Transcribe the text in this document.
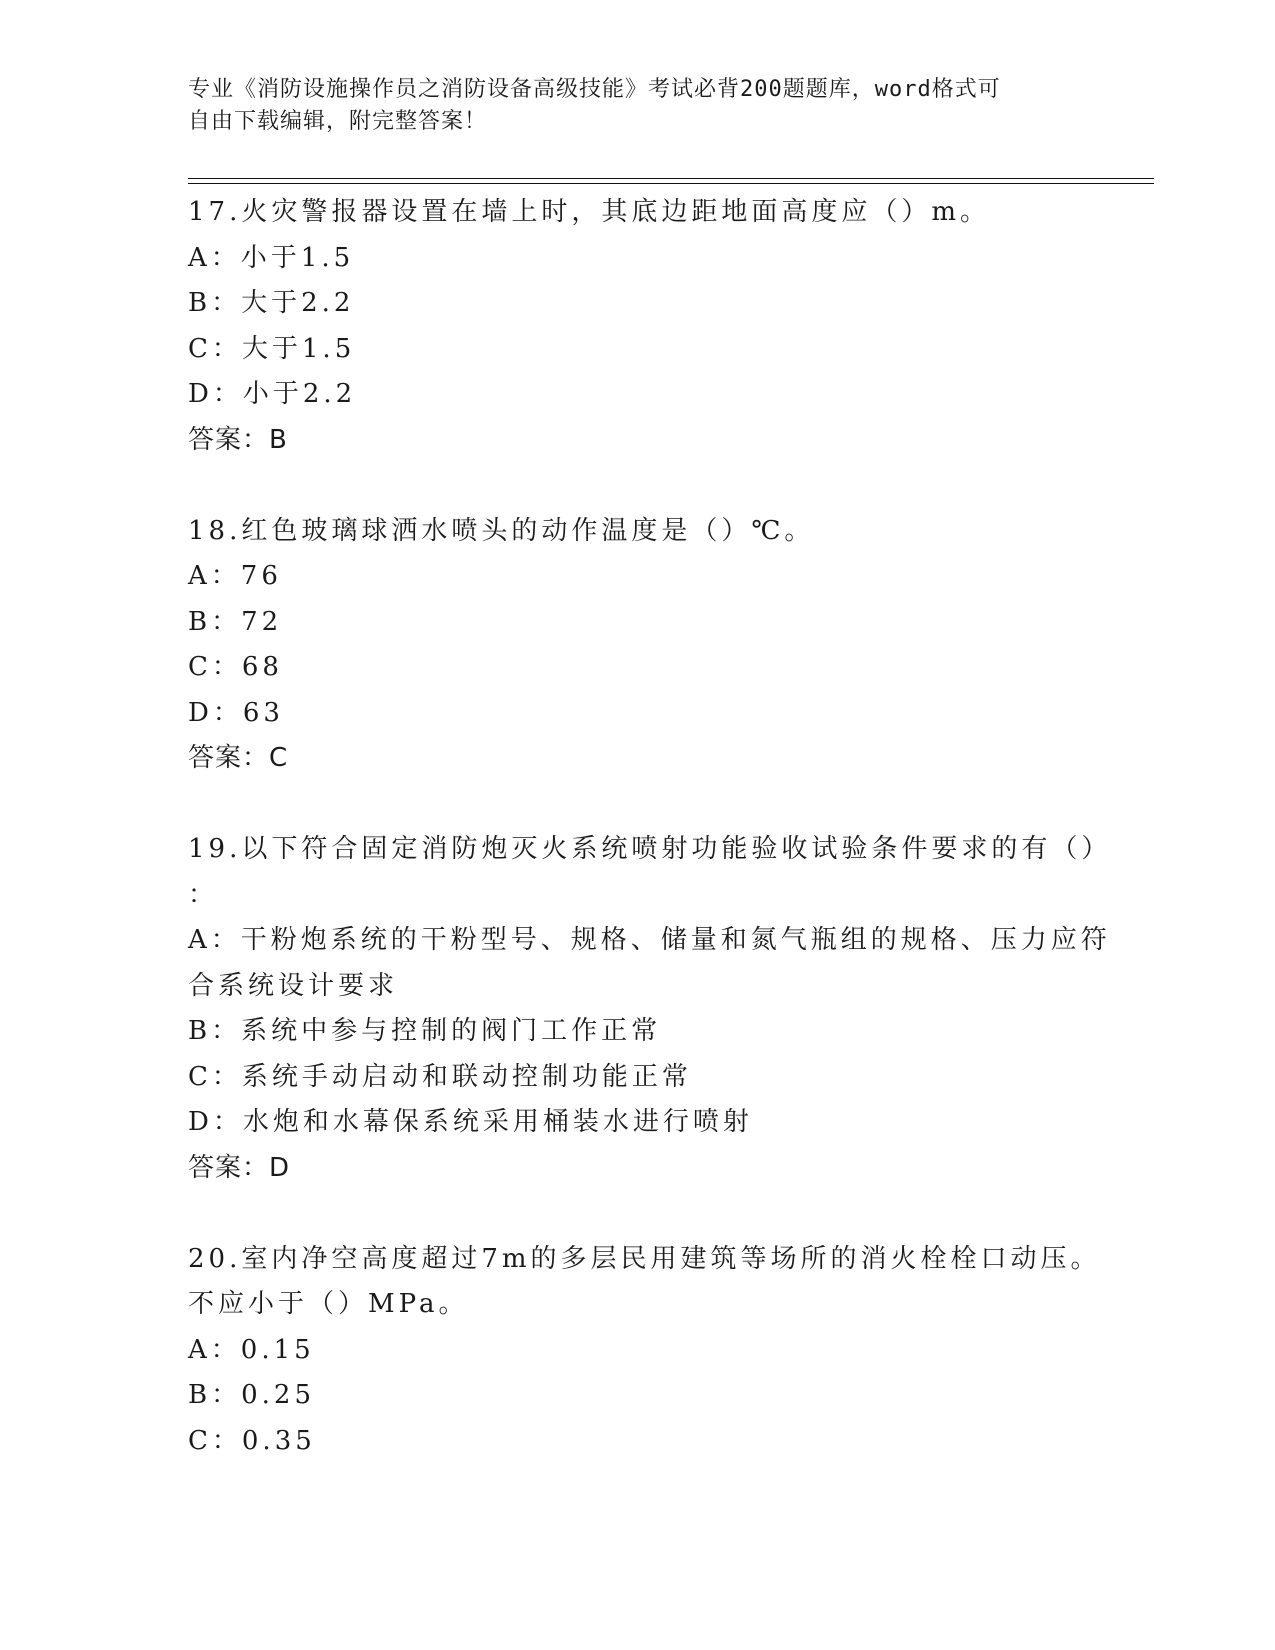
专业《消防设施操作员之消防设备高级技能》考试必背200题题库，word格式可
自由下载编辑，附完整答案！
17.火灾警报器设置在墙上时，其底边距地面高度应（）m。
A：小于1.5
B：大于2.2
C：大于1.5
D：小于2.2
答案：B
18.红色玻璃球洒水喷头的动作温度是（）℃。
A：76
B：72
C：68
D：63
答案：C
19.以下符合固定消防炮灭火系统喷射功能验收试验条件要求的有（）
：
A：干粉炮系统的干粉型号、规格、储量和氮气瓶组的规格、压力应符
合系统设计要求
B：系统中参与控制的阀门工作正常
C：系统手动启动和联动控制功能正常
D：水炮和水幕保系统采用桶装水进行喷射
答案：D
20.室内净空高度超过7m的多层民用建筑等场所的消火栓栓口动压。
不应小于（）MPa。
A：0.15
B：0.25
C：0.35
